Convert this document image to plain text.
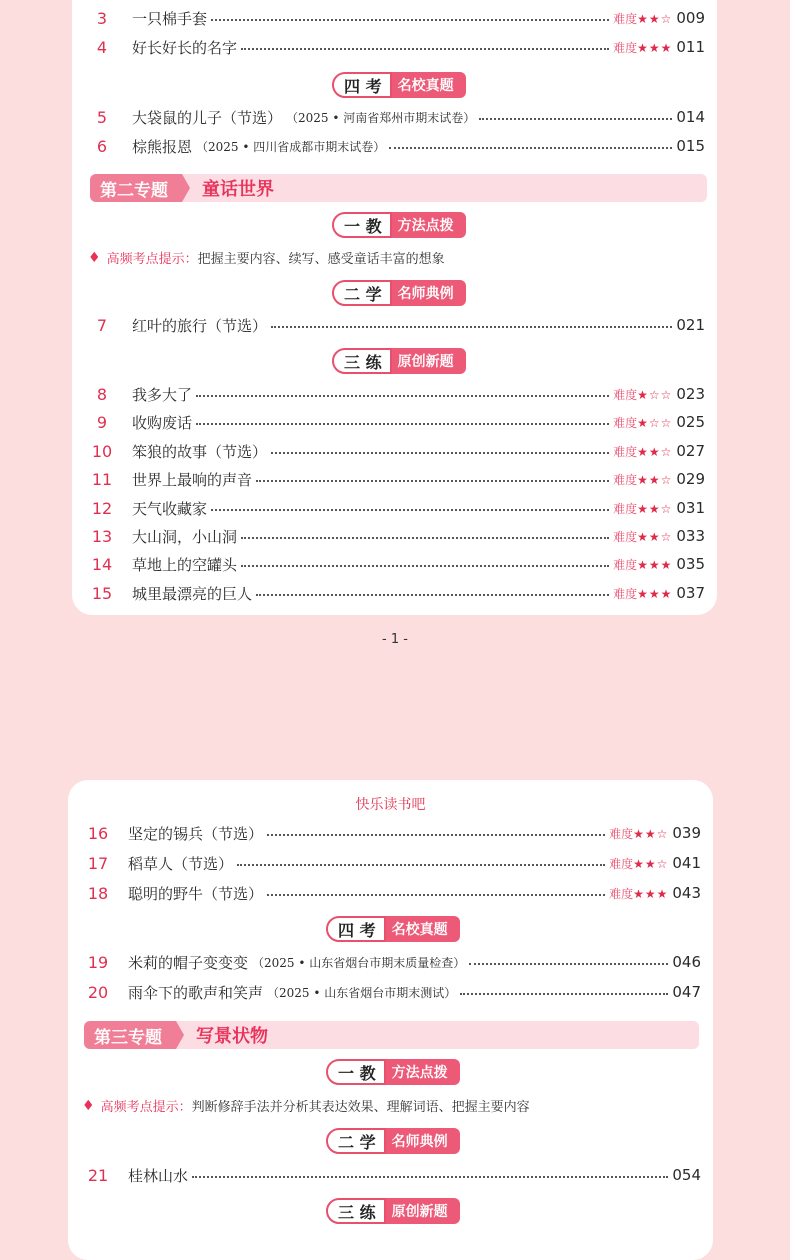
3	一只棉手套	难度★★☆ 009
4	好长好长的名字	难度★★★ 011
四 考	名校真题
5	大袋鼠的儿子（节选） （2025 • 河南省郑州市期末试卷）	014
6	棕熊报恩 （2025 • 四川省成都市期末试卷）	015
第二专题	童话世界
一 教	方法点拨
♦ 高频考点提示： 把握主要内容、续写、感受童话丰富的想象
二 学	名师典例
7	红叶的旅行（节选）	021
三 练	原创新题
8	我多大了	难度★☆☆ 023
9	收购废话	难度★☆☆ 025
10	笨狼的故事（节选）	难度★★☆ 027
11	世界上最响的声音	难度★★☆ 029
12	天气收藏家	难度★★☆ 031
13	大山洞，小山洞	难度★★☆ 033
14	草地上的空罐头	难度★★★ 035
15	城里最漂亮的巨人	难度★★★ 037
- 1 -
快乐读书吧
16	坚定的锡兵（节选）	难度★★☆ 039
17	稻草人（节选）	难度★★☆ 041
18	聪明的野牛（节选）	难度★★★ 043
四 考	名校真题
19	米莉的帽子变变变 （2025 • 山东省烟台市期末质量检查）	046
20	雨伞下的歌声和笑声 （2025 • 山东省烟台市期末测试）	047
第三专题	写景状物
一 教	方法点拨
♦ 高频考点提示： 判断修辞手法并分析其表达效果、理解词语、把握主要内容
二 学	名师典例
21	桂林山水	054
三 练	原创新题
